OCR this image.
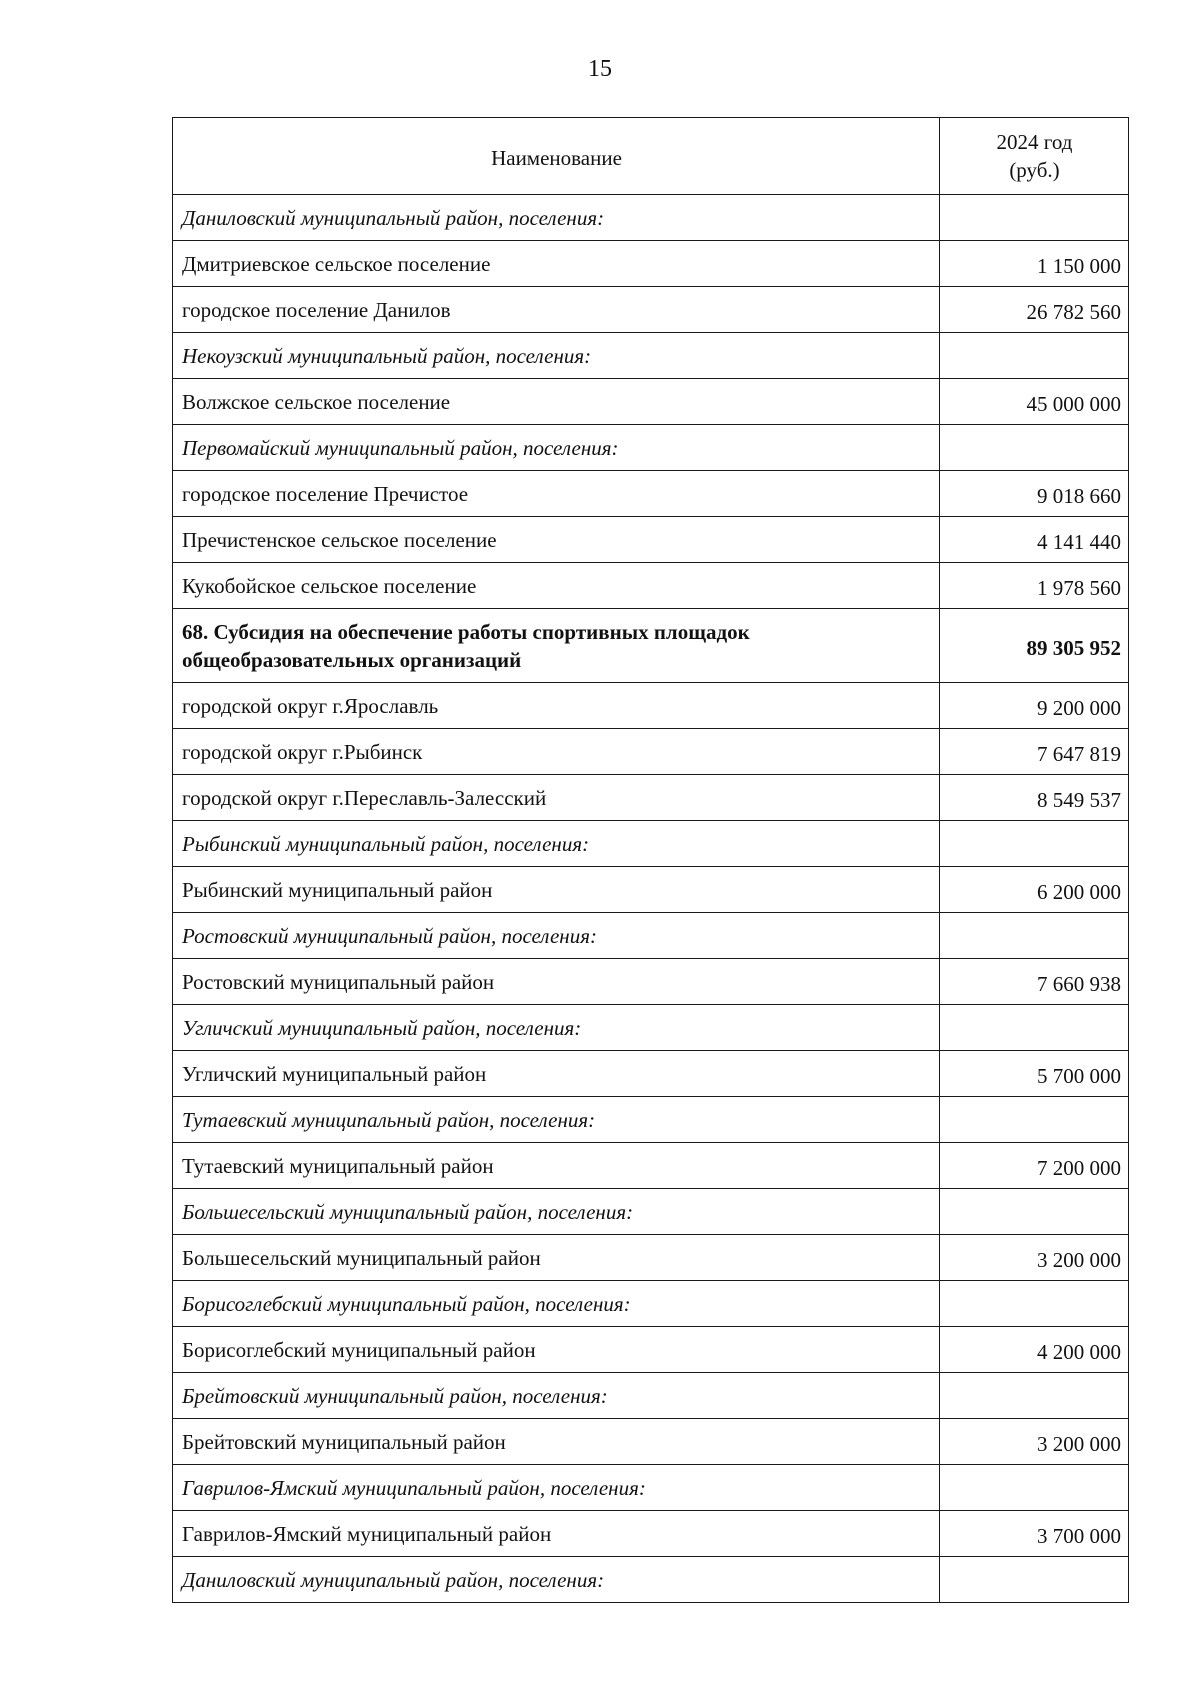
15
Наименование	2024 год
(руб.)
Даниловский муниципальный район, поселения:	
Дмитриевское сельское поселение	1 150 000
городское поселение Данилов	26 782 560
Некоузский муниципальный район, поселения:	
Волжское сельское поселение	45 000 000
Первомайский муниципальный район, поселения:	
городское поселение Пречистое	9 018 660
Пречистенское сельское поселение	4 141 440
Кукобойское сельское поселение	1 978 560
68. Субсидия на обеспечение работы спортивных площадок общеобразовательных организаций	89 305 952
городской округ г.Ярославль	9 200 000
городской округ г.Рыбинск	7 647 819
городской округ г.Переславль-Залесский	8 549 537
Рыбинский муниципальный район, поселения:	
Рыбинский муниципальный район	6 200 000
Ростовский муниципальный район, поселения:	
Ростовский муниципальный район	7 660 938
Угличский муниципальный район, поселения:	
Угличский муниципальный район	5 700 000
Тутаевский муниципальный район, поселения:	
Тутаевский муниципальный район	7 200 000
Большесельский муниципальный район, поселения:	
Большесельский муниципальный район	3 200 000
Борисоглебский муниципальный район, поселения:	
Борисоглебский муниципальный район	4 200 000
Брейтовский муниципальный район, поселения:	
Брейтовский муниципальный район	3 200 000
Гаврилов-Ямский муниципальный район, поселения:	
Гаврилов-Ямский муниципальный район	3 700 000
Даниловский муниципальный район, поселения:	
